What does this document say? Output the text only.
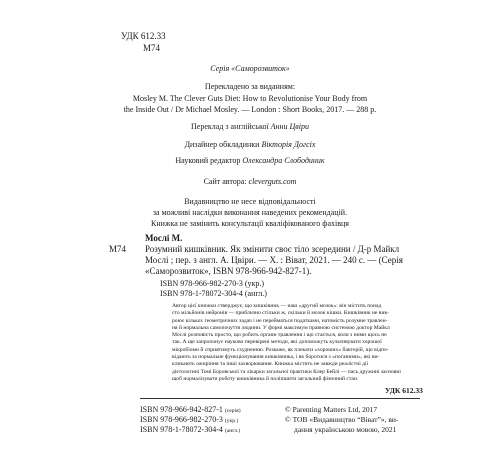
УДК 612.33
М74
Серія «Саморозвиток»
Перекладено за виданням:
Mosley M. The Clever Guts Diet: How to Revolutionise Your Body from
the Inside Out / Dr Michael Mosley. — London : Short Books, 2017. — 288 p.
Переклад з англійської Анни Цвіри
Дизайнер обкладинки Вікторія Догсіх
Науковий редактор Олександра Слободиник
Сайт автора: cleverguts.com
Видавництво не несе відповідальності
за можливі наслідки виконання наведених рекомендацій.
Книжка не замінить консультації кваліфікованого фахівця
Мослі М.
М74 Розумний кишківник. Як змінити своє тіло зсередини / Д-р Майкл
Мослі ; пер. з англ. А. Цвіри. — Х. : Віват, 2021. — 240 с. — (Серія
«Саморозвиток», ISBN 978-966-942-827-1).
ISBN 978-966-982-270-3 (укр.)
ISBN 978-1-78072-304-4 (англ.)
Автор цієї книжки стверджує, що кишківник — наш «другий мозок»: він містить понад
сто мільйонів нейронів — приблизно стільки ж, скільки й мозок кішки. Кишківник не вик-
рoює кількох геометричних задач і не перейматься податками, натомість розумне травлен-
ня й нормальна самопочуття людини. У формі максимум правною системою доктор Майкл
Мослі розповість просто, що робить органи травлення і що стається, коли з ними щось не
так. А ще запропонує науково перевірені методи, які допоможуть культивувати хорошої
мікробіоми й сприятимуть схудненню. Розкаже, як плекати «хороших» бактерій, що відпо-
відають за нормальне функціонування кишківника, і як боротися з «поганими», які ви-
кликають ожиріння та інші захворювання. Книжка містить не завжди реалістні дії
дієтологині Томі Боровської та лікарки загальної практики Клер Бейлі — пась дружині засновні
щоб нормалізувати роботу кишківника й поліпшити загальний фізичний стан.
УДК 612.33
ISBN 978-966-942-827-1 (серія)
ISBN 978-966-982-270-3 (укр.)
ISBN 978-1-78072-304-4 (англ.)
© Parenting Matters Ltd, 2017
© ТОВ «Видавництво “Віват”», ви-
дання українською мовою, 2021
